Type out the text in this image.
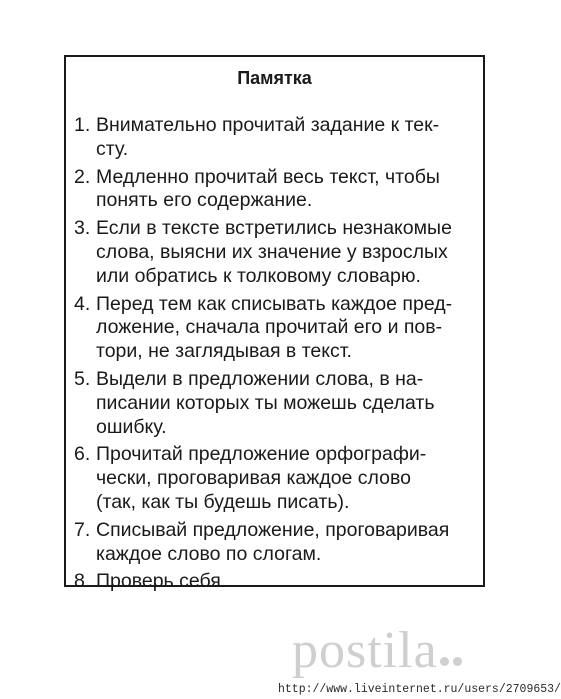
Памятка
1. Внимательно прочитай задание к тек-
сту.
2. Медленно прочитай весь текст, чтобы
понять его содержание.
3. Если в тексте встретились незнакомые
слова, выясни их значение у взрослых
или обратись к толковому словарю.
4. Перед тем как списывать каждое пред-
ложение, сначала прочитай его и пов-
тори, не заглядывая в текст.
5. Выдели в предложении слова, в на-
писании которых ты можешь сделать
ошибку.
6. Прочитай предложение орфографи-
чески, проговаривая каждое слово
(так, как ты будешь писать).
7. Списывай предложение, проговаривая
каждое слово по слогам.
8. Проверь себя.
postila
http://www.liveinternet.ru/users/2709653/
